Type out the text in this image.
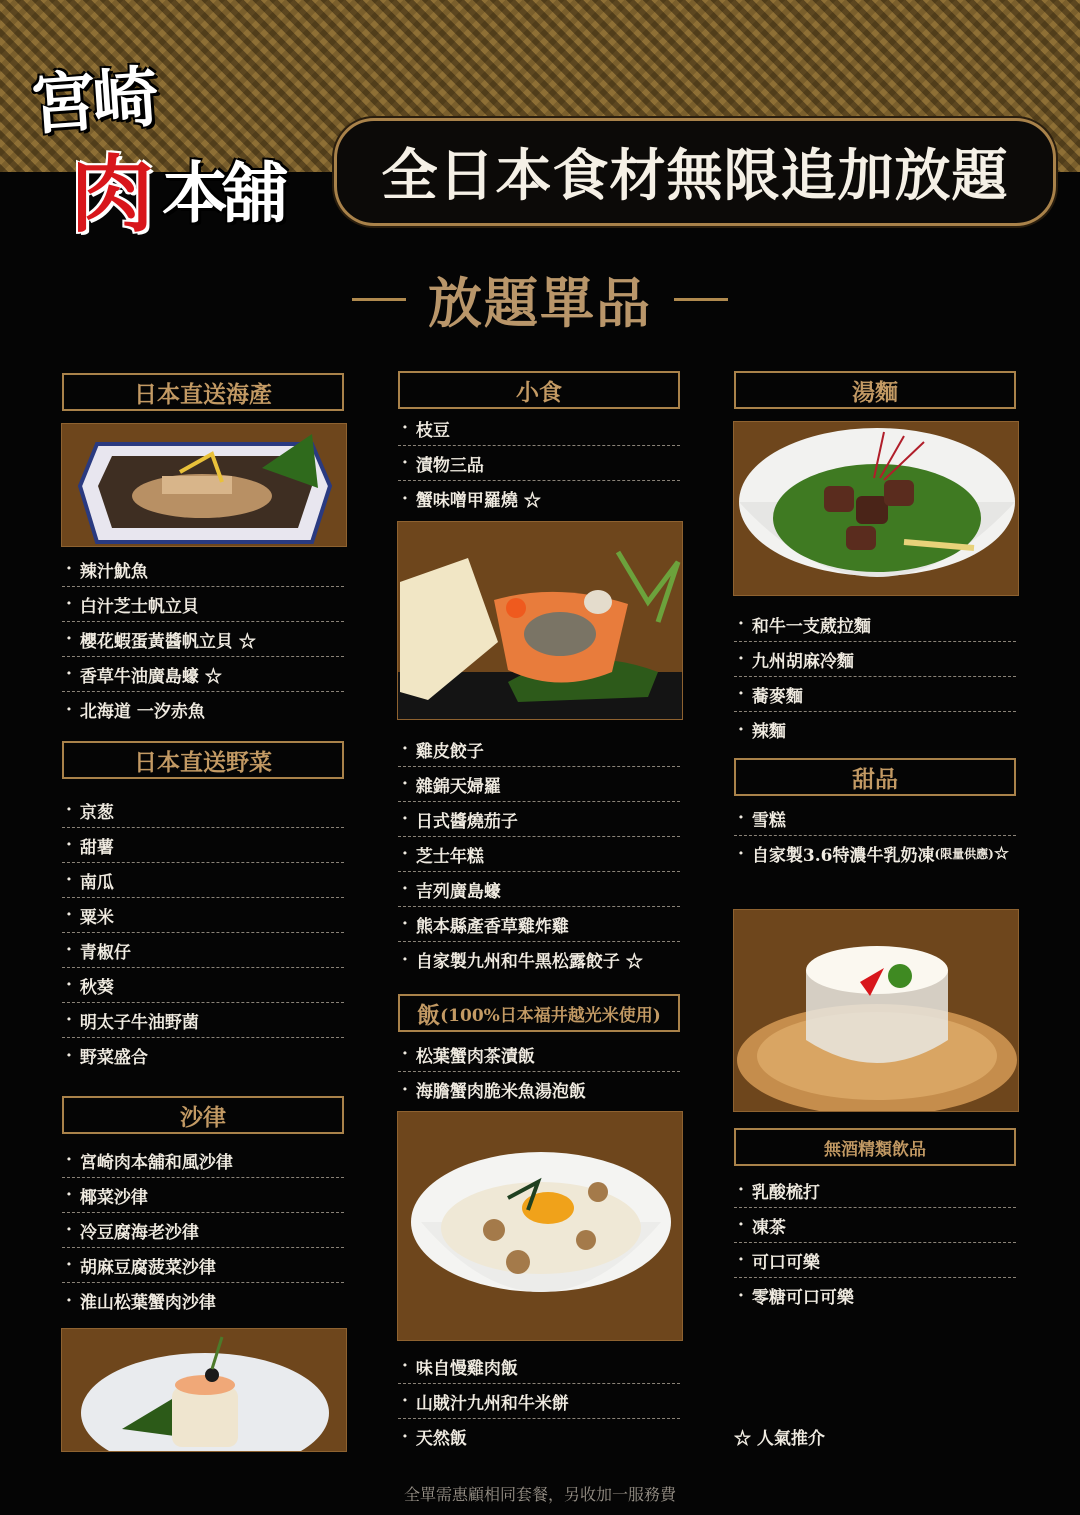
宮崎
肉 本舖	全日本食材無限追加放題
放題單品
日本直送海產
· 辣汁魷魚
· 白汁芝士帆立貝
· 櫻花蝦蛋黃醬帆立貝 ☆
· 香草牛油廣島蠔 ☆
· 北海道 一汐赤魚
日本直送野菜
· 京葱
· 甜薯
· 南瓜
· 粟米
· 青椒仔
· 秋葵
· 明太子牛油野菌
· 野菜盛合
沙律
· 宮崎肉本舖和風沙律
· 椰菜沙律
· 冷豆腐海老沙律
· 胡麻豆腐菠菜沙律
· 淮山松葉蟹肉沙律
小食
· 枝豆
· 漬物三品
· 蟹味噌甲羅燒 ☆
· 雞皮餃子
· 雜錦天婦羅
· 日式醬燒茄子
· 芝士年糕
· 吉列廣島蠔
· 熊本縣產香草雞炸雞
· 自家製九州和牛黑松露餃子 ☆
飯 (100%日本福井越光米使用)
· 松葉蟹肉茶漬飯
· 海膽蟹肉脆米魚湯泡飯
· 味自慢雞肉飯
· 山賊汁九州和牛米餅
· 天然飯
湯麵
· 和牛一支葳拉麵
· 九州胡麻冷麵
· 蕎麥麵
· 辣麵
甜品
· 雪糕
· 自家製3.6特濃牛乳奶凍 (限量供應) ☆
無酒精類飲品
· 乳酸梳打
· 凍茶
· 可口可樂
· 零糖可口可樂
☆ 人氣推介
全單需惠顧相同套餐，另收加一服務費
